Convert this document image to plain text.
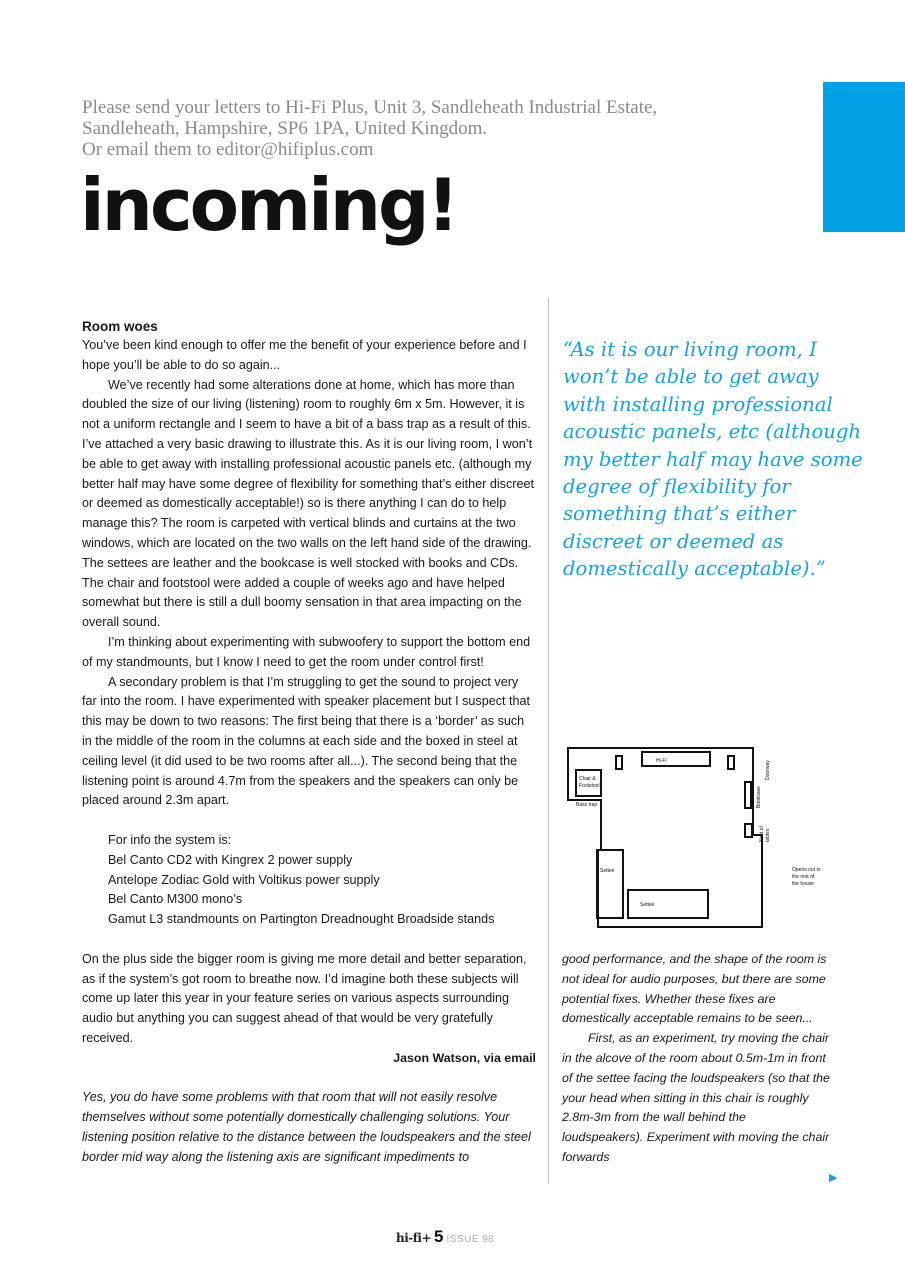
Please send your letters to Hi-Fi Plus, Unit 3, Sandleheath Industrial Estate,
Sandleheath, Hampshire, SP6 1PA, United Kingdom.
Or email them to editor@hifiplus.com
incoming!

Room woes

You’ve been kind enough to offer me the benefit of your experience before and I hope you’ll be able to do so again...

We’ve recently had some alterations done at home, which has more than doubled the size of our living (listening) room to roughly 6m x 5m. However, it is not a uniform rectangle and I seem to have a bit of a bass trap as a result of this. I’ve attached a very basic drawing to illustrate this. As it is our living room, I won’t be able to get away with installing professional acoustic panels etc. (although my better half may have some degree of flexibility for something that’s either discreet or deemed as domestically acceptable!) so is there anything I can do to help manage this? The room is carpeted with vertical blinds and curtains at the two windows, which are located on the two walls on the left hand side of the drawing. The settees are leather and the bookcase is well stocked with books and CDs. The chair and footstool were added a couple of weeks ago and have helped somewhat but there is still a dull boomy sensation in that area impacting on the overall sound.

I’m thinking about experimenting with subwoofery to support the bottom end of my standmounts, but I know I need to get the room under control first!

A secondary problem is that I’m struggling to get the sound to project very far into the room. I have experimented with speaker placement but I suspect that this may be down to two reasons: The first being that there is a ‘border’ as such in the middle of the room in the columns at each side and the boxed in steel at ceiling level (it did used to be two rooms after all...). The second being that the listening point is around 4.7m from the speakers and the speakers can only be placed around 2.3m apart.

For info the system is:
Bel Canto CD2 with Kingrex 2 power supply
Antelope Zodiac Gold with Voltikus power supply
Bel Canto M300 mono’s
Gamut L3 standmounts on Partington Dreadnought Broadside stands

On the plus side the bigger room is giving me more detail and better separation, as if the system’s got room to breathe now. I’d imagine both these subjects will come up later this year in your feature series on various aspects surrounding audio but anything you can suggest ahead of that would be very gratefully received.

Jason Watson, via email

Yes, you do have some problems with that room that will not easily resolve themselves without some potentially domestically challenging solutions. Your listening position relative to the distance between the loudspeakers and the steel border mid way along the listening axis are significant impediments to

“As it is our living room, I won’t be able to get away with installing professional acoustic panels, etc (although my better half may have some degree of flexibility for something that’s either discreet or deemed as domestically acceptable).”
Hi-Fi
Chair &
Footstool
Bass trap
Settee
Settee
Opens out to
the rest of
the house
Bookcase
Doorway
Nest of tables

good performance, and the shape of the room is not ideal for audio purposes, but there are some potential fixes. Whether these fixes are domestically acceptable remains to be seen...

First, as an experiment, try moving the chair in the alcove of the room about 0.5m-1m in front of the settee facing the loudspeakers (so that the your head when sitting in this chair is roughly 2.8m-3m from the wall behind the loudspeakers). Experiment with moving the chair forwards

▶
hi-fi+ 5 ISSUE 98
